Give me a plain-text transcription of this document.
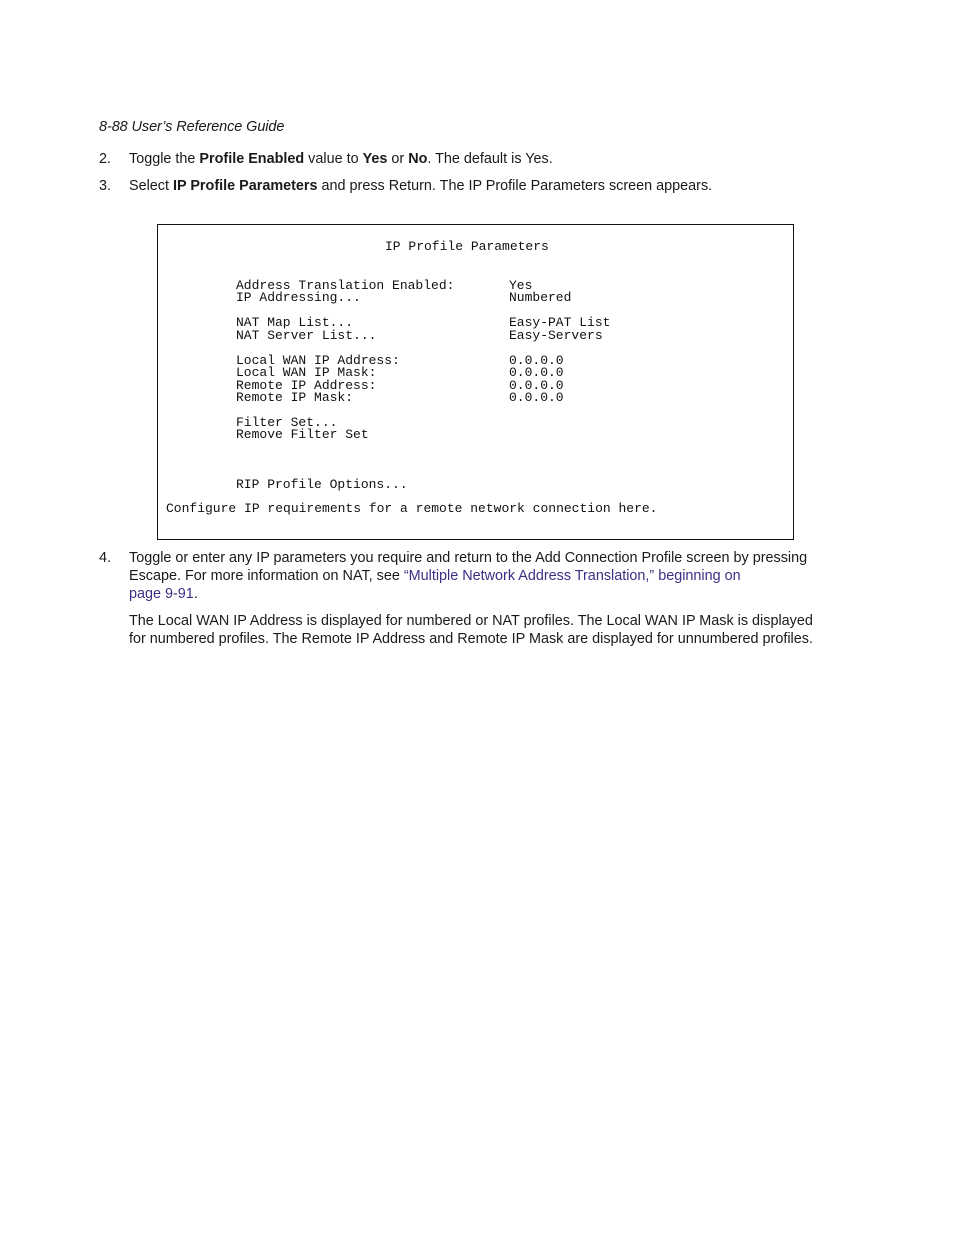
8-88 User’s Reference Guide
2. Toggle the Profile Enabled value to Yes or No. The default is Yes.
3. Select IP Profile Parameters and press Return. The IP Profile Parameters screen appears.
IP Profile Parameters
Address Translation Enabled:	Yes
IP Addressing...	Numbered
NAT Map List...	Easy-PAT List
NAT Server List...	Easy-Servers
Local WAN IP Address:	0.0.0.0
Local WAN IP Mask:	0.0.0.0
Remote IP Address:	0.0.0.0
Remote IP Mask:	0.0.0.0
Filter Set...
Remove Filter Set
RIP Profile Options...
Configure IP requirements for a remote network connection here.
4. Toggle or enter any IP parameters you require and return to the Add Connection Profile screen by pressing
Escape. For more information on NAT, see “Multiple Network Address Translation,” beginning on
page 9-91.
The Local WAN IP Address is displayed for numbered or NAT profiles. The Local WAN IP Mask is displayed
for numbered profiles. The Remote IP Address and Remote IP Mask are displayed for unnumbered profiles.
